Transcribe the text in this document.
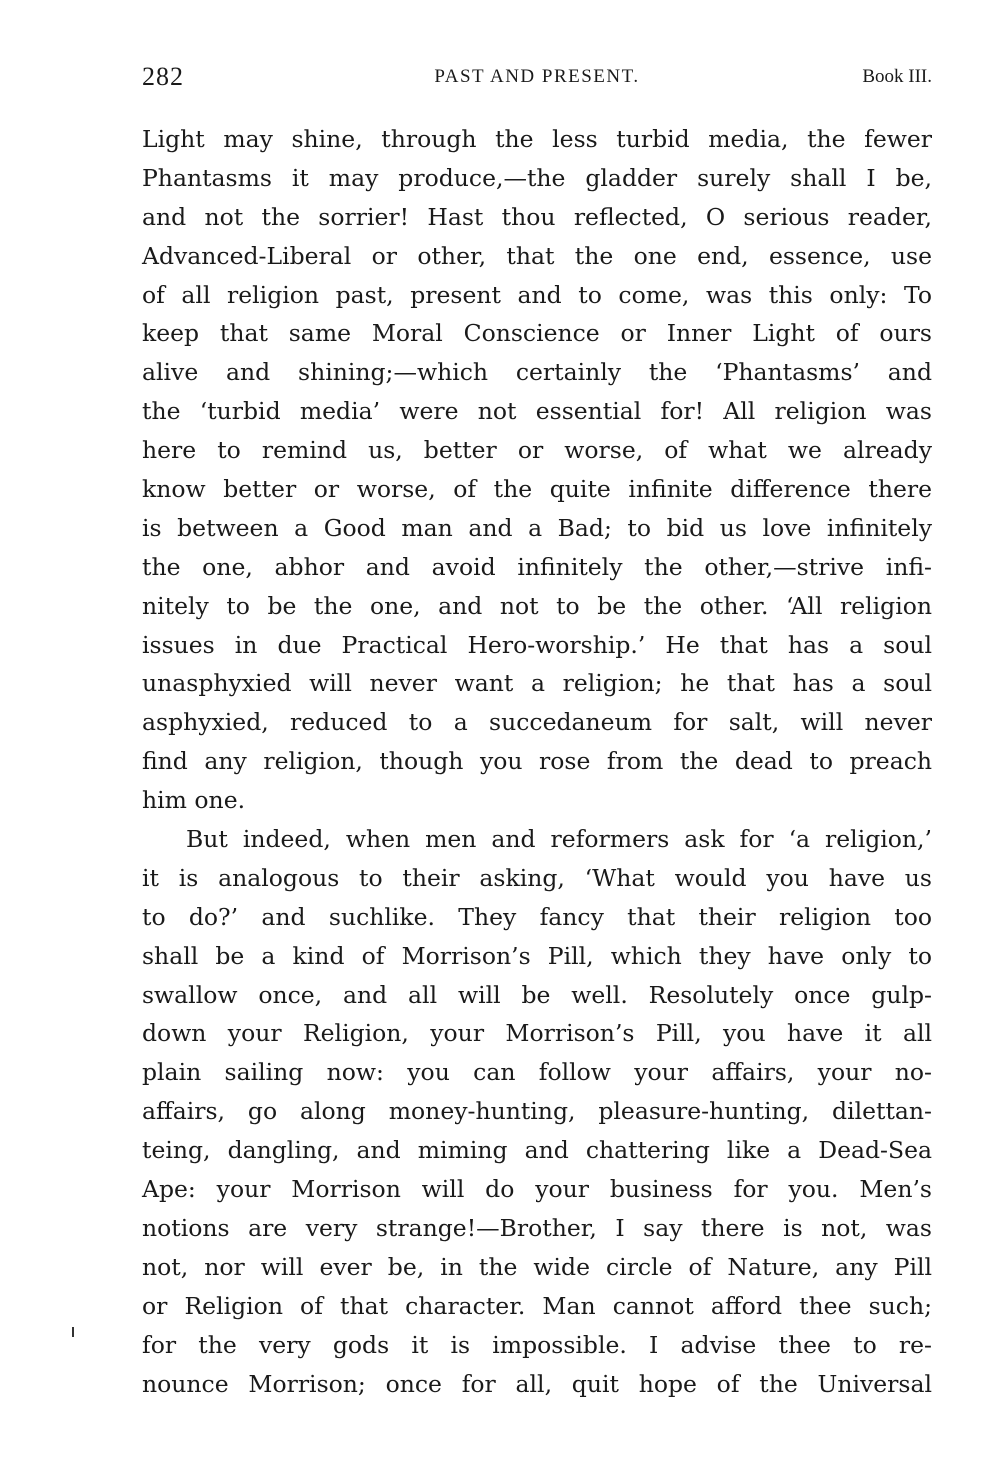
282	PAST AND PRESENT.	Book III.
Light may shine, through the less turbid media, the fewer
Phantasms it may produce,—the gladder surely shall I be,
and not the sorrier! Hast thou reflected, O serious reader,
Advanced-Liberal or other, that the one end, essence, use
of all religion past, present and to come, was this only: To
keep that same Moral Conscience or Inner Light of ours
alive and shining;—which certainly the ‘Phantasms’ and
the ‘turbid media’ were not essential for! All religion was
here to remind us, better or worse, of what we already
know better or worse, of the quite infinite difference there
is between a Good man and a Bad; to bid us love infinitely
the one, abhor and avoid infinitely the other,—strive infi-
nitely to be the one, and not to be the other. ‘All religion
issues in due Practical Hero-worship.’ He that has a soul
unasphyxied will never want a religion; he that has a soul
asphyxied, reduced to a succedaneum for salt, will never
find any religion, though you rose from the dead to preach
him one.
But indeed, when men and reformers ask for ‘a religion,’
it is analogous to their asking, ‘What would you have us
to do?’ and suchlike. They fancy that their religion too
shall be a kind of Morrison’s Pill, which they have only to
swallow once, and all will be well. Resolutely once gulp-
down your Religion, your Morrison’s Pill, you have it all
plain sailing now: you can follow your affairs, your no-
affairs, go along money-hunting, pleasure-hunting, dilettan-
teing, dangling, and miming and chattering like a Dead-Sea
Ape: your Morrison will do your business for you. Men’s
notions are very strange!—Brother, I say there is not, was
not, nor will ever be, in the wide circle of Nature, any Pill
or Religion of that character. Man cannot afford thee such;
for the very gods it is impossible. I advise thee to re-
nounce Morrison; once for all, quit hope of the Universal
